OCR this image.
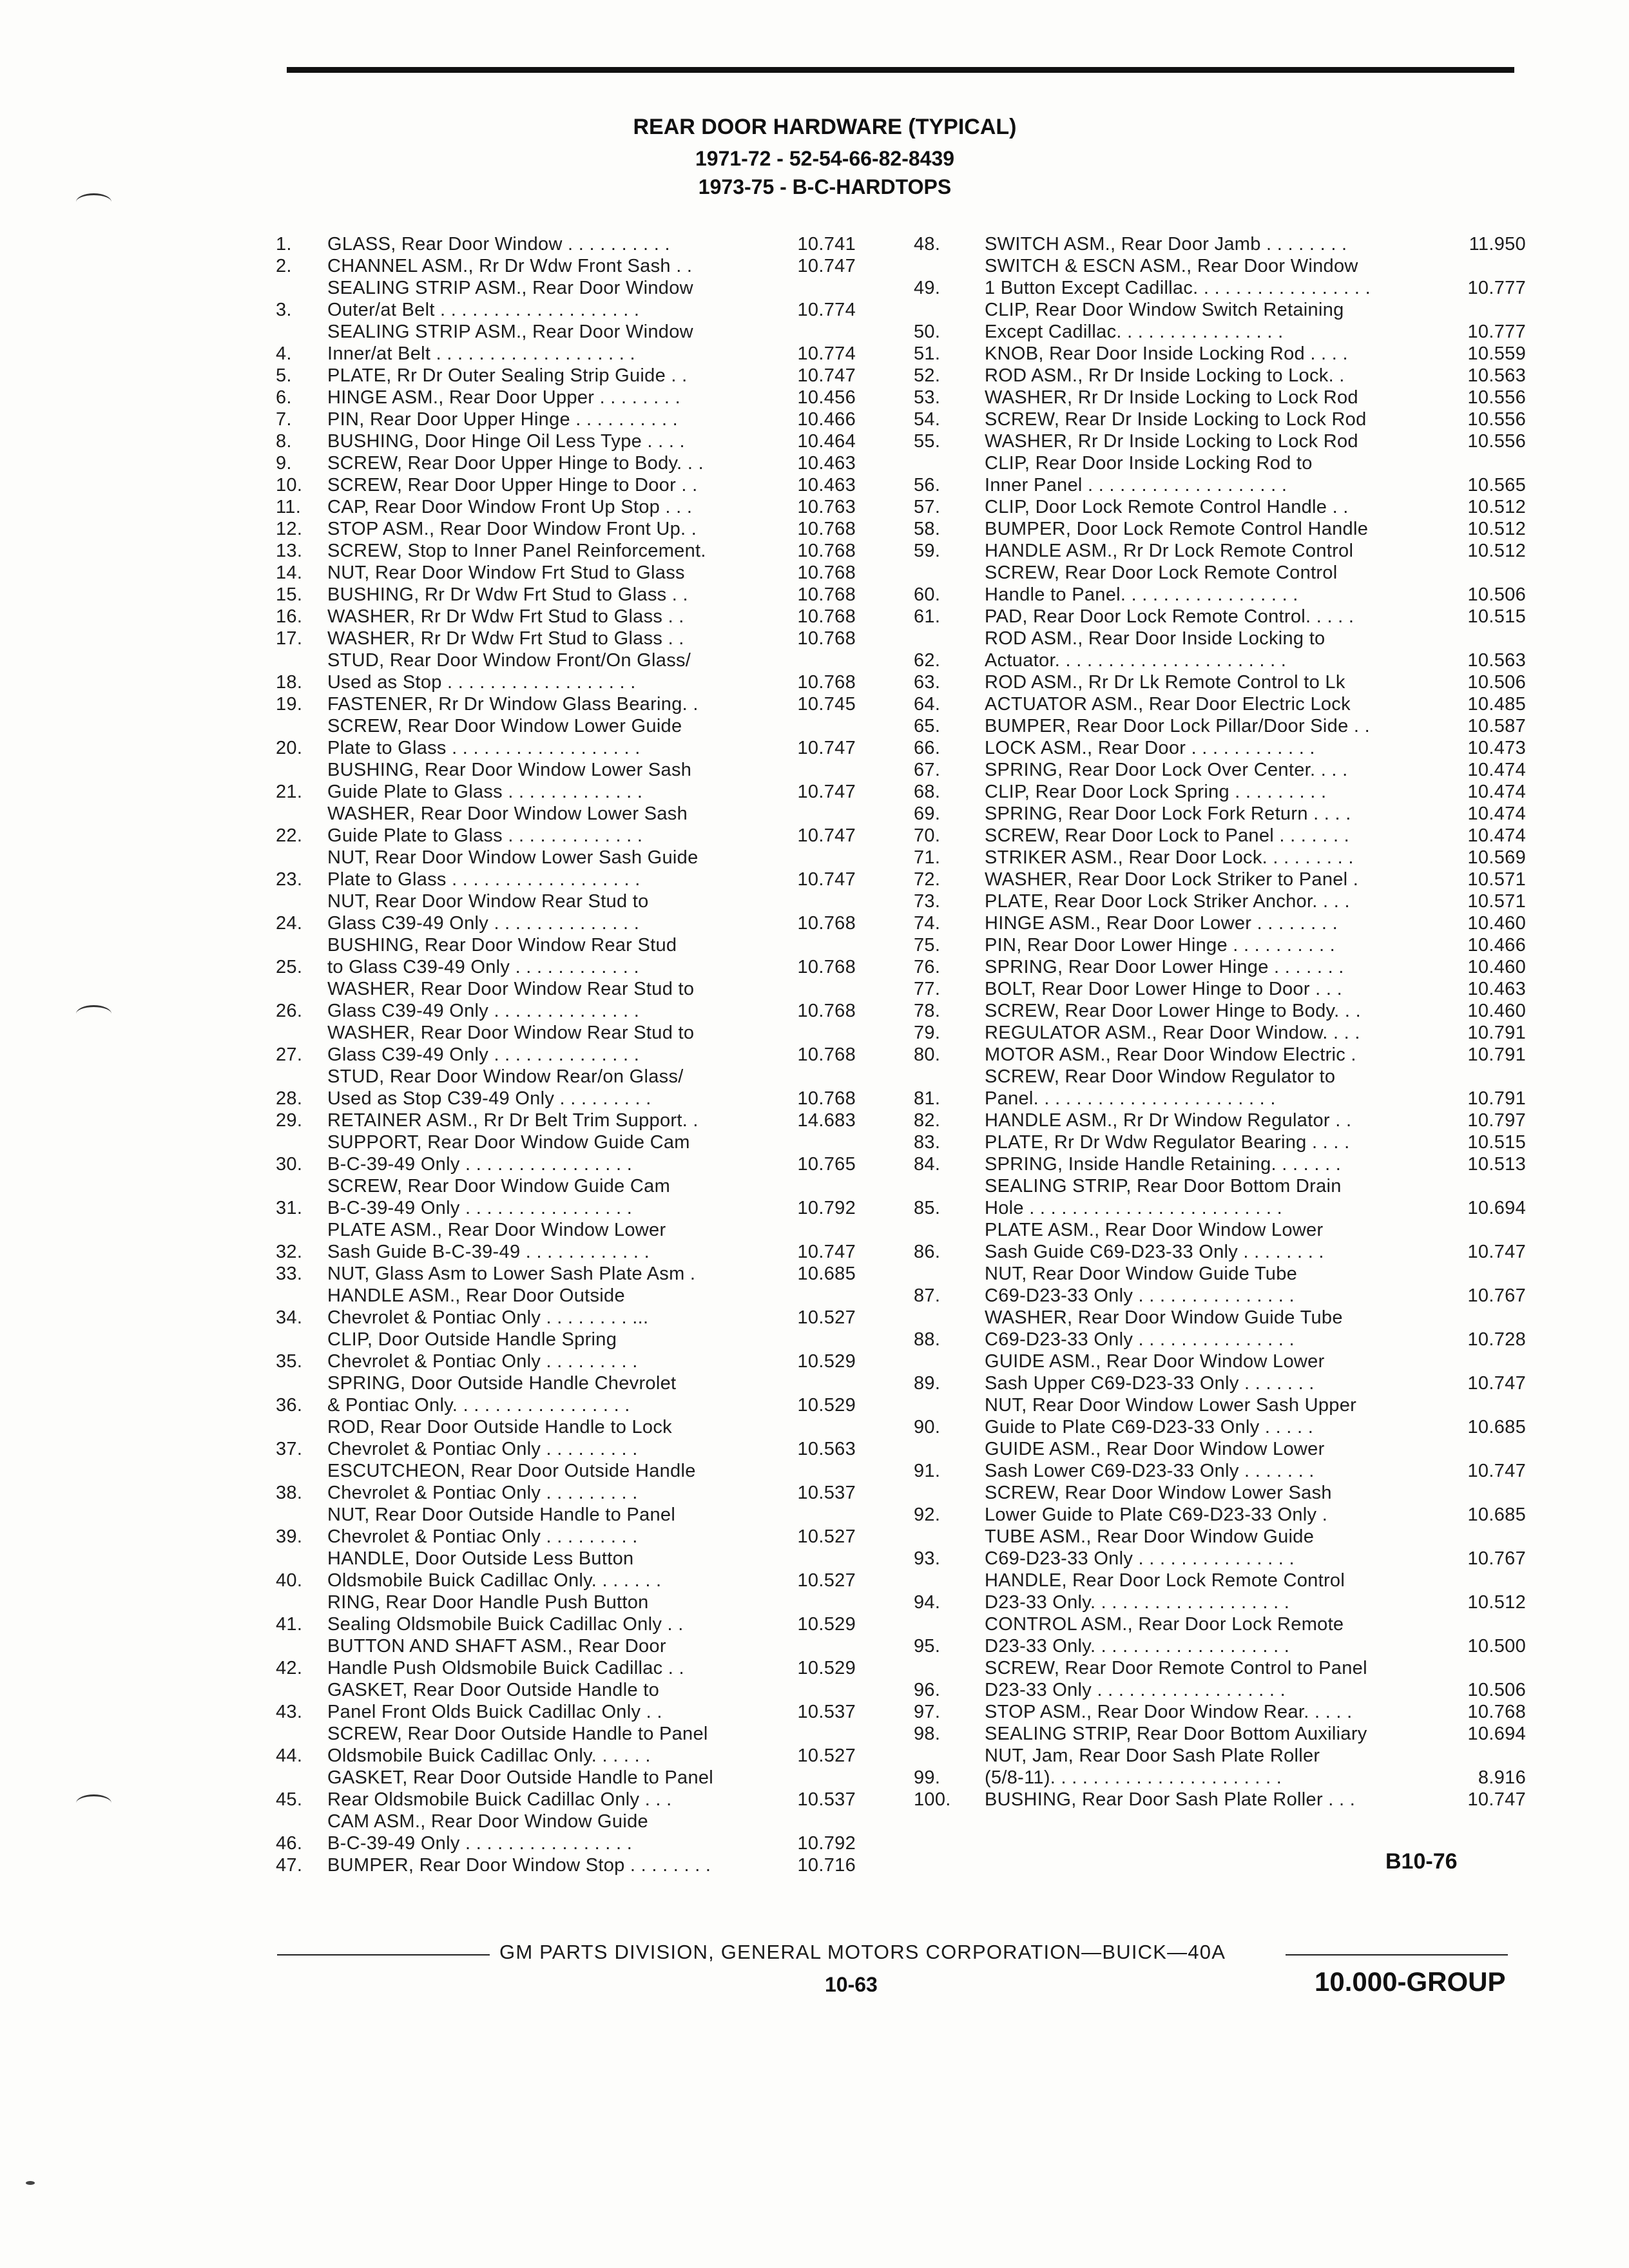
REAR DOOR HARDWARE (TYPICAL)
1971-72 - 52-54-66-82-8439
1973-75 - B-C-HARDTOPS
1.	GLASS, Rear Door Window . . . . . . . . . .	10.741
2.	CHANNEL ASM., Rr Dr Wdw Front Sash . .	10.747
3.
SEALING STRIP ASM., Rear Door Window
Outer/at Belt . . . . . . . . . . . . . . . . . . .	10.774
4.
SEALING STRIP ASM., Rear Door Window
Inner/at Belt . . . . . . . . . . . . . . . . . . .	10.774
5.	PLATE, Rr Dr Outer Sealing Strip Guide . .	10.747
6.	HINGE ASM., Rear Door Upper . . . . . . . .	10.456
7.	PIN, Rear Door Upper Hinge . . . . . . . . . .	10.466
8.	BUSHING, Door Hinge Oil Less Type . . . .	10.464
9.	SCREW, Rear Door Upper Hinge to Body. . .	10.463
10.	SCREW, Rear Door Upper Hinge to Door . .	10.463
11.	CAP, Rear Door Window Front Up Stop . . .	10.763
12.	STOP ASM., Rear Door Window Front Up. .	10.768
13.	SCREW, Stop to Inner Panel Reinforcement.	10.768
14.	NUT, Rear Door Window Frt Stud to Glass	10.768
15.	BUSHING, Rr Dr Wdw Frt Stud to Glass . .	10.768
16.	WASHER, Rr Dr Wdw Frt Stud to Glass . .	10.768
17.	WASHER, Rr Dr Wdw Frt Stud to Glass . .	10.768
18.
STUD, Rear Door Window Front/On Glass/
Used as Stop . . . . . . . . . . . . . . . . . .	10.768
19.	FASTENER, Rr Dr Window Glass Bearing. .	10.745
20.
SCREW, Rear Door Window Lower Guide
Plate to Glass . . . . . . . . . . . . . . . . . .	10.747
21.
BUSHING, Rear Door Window Lower Sash
Guide Plate to Glass . . . . . . . . . . . . .	10.747
22.
WASHER, Rear Door Window Lower Sash
Guide Plate to Glass . . . . . . . . . . . . .	10.747
23.
NUT, Rear Door Window Lower Sash Guide
Plate to Glass . . . . . . . . . . . . . . . . . .	10.747
24.
NUT, Rear Door Window Rear Stud to
Glass C39-49 Only . . . . . . . . . . . . . .	10.768
25.
BUSHING, Rear Door Window Rear Stud
to Glass C39-49 Only . . . . . . . . . . . .	10.768
26.
WASHER, Rear Door Window Rear Stud to
Glass C39-49 Only . . . . . . . . . . . . . .	10.768
27.
WASHER, Rear Door Window Rear Stud to
Glass C39-49 Only . . . . . . . . . . . . . .	10.768
28.
STUD, Rear Door Window Rear/on Glass/
Used as Stop C39-49 Only . . . . . . . . .	10.768
29.	RETAINER ASM., Rr Dr Belt Trim Support. .	14.683
30.
SUPPORT, Rear Door Window Guide Cam
B-C-39-49 Only . . . . . . . . . . . . . . . .	10.765
31.
SCREW, Rear Door Window Guide Cam
B-C-39-49 Only . . . . . . . . . . . . . . . .	10.792
32.
PLATE ASM., Rear Door Window Lower
Sash Guide B-C-39-49 . . . . . . . . . . . .	10.747
33.	NUT, Glass Asm to Lower Sash Plate Asm .	10.685
34.
HANDLE ASM., Rear Door Outside
Chevrolet & Pontiac Only . . . . . . . . ...	10.527
35.
CLIP, Door Outside Handle Spring
Chevrolet & Pontiac Only . . . . . . . . .	10.529
36.
SPRING, Door Outside Handle Chevrolet
& Pontiac Only. . . . . . . . . . . . . . . . .	10.529
37.
ROD, Rear Door Outside Handle to Lock
Chevrolet & Pontiac Only . . . . . . . . .	10.563
38.
ESCUTCHEON, Rear Door Outside Handle
Chevrolet & Pontiac Only . . . . . . . . .	10.537
39.
NUT, Rear Door Outside Handle to Panel
Chevrolet & Pontiac Only . . . . . . . . .	10.527
40.
HANDLE, Door Outside Less Button
Oldsmobile Buick Cadillac Only. . . . . . .	10.527
41.
RING, Rear Door Handle Push Button
Sealing Oldsmobile Buick Cadillac Only . .	10.529
42.
BUTTON AND SHAFT ASM., Rear Door
Handle Push Oldsmobile Buick Cadillac . .	10.529
43.
GASKET, Rear Door Outside Handle to
Panel Front Olds Buick Cadillac Only . .	10.537
44.
SCREW, Rear Door Outside Handle to Panel
Oldsmobile Buick Cadillac Only. . . . . .	10.527
45.
GASKET, Rear Door Outside Handle to Panel
Rear Oldsmobile Buick Cadillac Only . . .	10.537
46.
CAM ASM., Rear Door Window Guide
B-C-39-49 Only . . . . . . . . . . . . . . . .	10.792
47.	BUMPER, Rear Door Window Stop . . . . . . . .	10.716
48.	SWITCH ASM., Rear Door Jamb . . . . . . . .	11.950
49.
SWITCH & ESCN ASM., Rear Door Window
1 Button Except Cadillac. . . . . . . . . . . . . . . . .	10.777
50.
CLIP, Rear Door Window Switch Retaining
Except Cadillac. . . . . . . . . . . . . . . .	10.777
51.	KNOB, Rear Door Inside Locking Rod . . . .	10.559
52.	ROD ASM., Rr Dr Inside Locking to Lock. .	10.563
53.	WASHER, Rr Dr Inside Locking to Lock Rod	10.556
54.	SCREW, Rear Dr Inside Locking to Lock Rod	10.556
55.	WASHER, Rr Dr Inside Locking to Lock Rod	10.556
56.
CLIP, Rear Door Inside Locking Rod to
Inner Panel . . . . . . . . . . . . . . . . . . .	10.565
57.	CLIP, Door Lock Remote Control Handle . .	10.512
58.	BUMPER, Door Lock Remote Control Handle	10.512
59.	HANDLE ASM., Rr Dr Lock Remote Control	10.512
60.
SCREW, Rear Door Lock Remote Control
Handle to Panel. . . . . . . . . . . . . . . . .	10.506
61.	PAD, Rear Door Lock Remote Control. . . . .	10.515
62.
ROD ASM., Rear Door Inside Locking to
Actuator. . . . . . . . . . . . . . . . . . . . . .	10.563
63.	ROD ASM., Rr Dr Lk Remote Control to Lk	10.506
64.	ACTUATOR ASM., Rear Door Electric Lock	10.485
65.	BUMPER, Rear Door Lock Pillar/Door Side . .	10.587
66.	LOCK ASM., Rear Door . . . . . . . . . . . .	10.473
67.	SPRING, Rear Door Lock Over Center. . . .	10.474
68.	CLIP, Rear Door Lock Spring . . . . . . . . .	10.474
69.	SPRING, Rear Door Lock Fork Return . . . .	10.474
70.	SCREW, Rear Door Lock to Panel . . . . . . .	10.474
71.	STRIKER ASM., Rear Door Lock. . . . . . . . .	10.569
72.	WASHER, Rear Door Lock Striker to Panel .	10.571
73.	PLATE, Rear Door Lock Striker Anchor. . . .	10.571
74.	HINGE ASM., Rear Door Lower . . . . . . . .	10.460
75.	PIN, Rear Door Lower Hinge . . . . . . . . . .	10.466
76.	SPRING, Rear Door Lower Hinge . . . . . . .	10.460
77.	BOLT, Rear Door Lower Hinge to Door . . .	10.463
78.	SCREW, Rear Door Lower Hinge to Body. . .	10.460
79.	REGULATOR ASM., Rear Door Window. . . .	10.791
80.	MOTOR ASM., Rear Door Window Electric .	10.791
81.
SCREW, Rear Door Window Regulator to
Panel. . . . . . . . . . . . . . . . . . . . . . .	10.791
82.	HANDLE ASM., Rr Dr Window Regulator . .	10.797
83.	PLATE, Rr Dr Wdw Regulator Bearing . . . .	10.515
84.	SPRING, Inside Handle Retaining. . . . . . .	10.513
85.
SEALING STRIP, Rear Door Bottom Drain
Hole . . . . . . . . . . . . . . . . . . . . . . . .	10.694
86.
PLATE ASM., Rear Door Window Lower
Sash Guide C69-D23-33 Only . . . . . . . .	10.747
87.
NUT, Rear Door Window Guide Tube
C69-D23-33 Only . . . . . . . . . . . . . . .	10.767
88.
WASHER, Rear Door Window Guide Tube
C69-D23-33 Only . . . . . . . . . . . . . . .	10.728
89.
GUIDE ASM., Rear Door Window Lower
Sash Upper C69-D23-33 Only . . . . . . .	10.747
90.
NUT, Rear Door Window Lower Sash Upper
Guide to Plate C69-D23-33 Only . . . . .	10.685
91.
GUIDE ASM., Rear Door Window Lower
Sash Lower C69-D23-33 Only . . . . . . .	10.747
92.
SCREW, Rear Door Window Lower Sash
Lower Guide to Plate C69-D23-33 Only .	10.685
93.
TUBE ASM., Rear Door Window Guide
C69-D23-33 Only . . . . . . . . . . . . . . .	10.767
94.
HANDLE, Rear Door Lock Remote Control
D23-33 Only. . . . . . . . . . . . . . . . . . .	10.512
95.
CONTROL ASM., Rear Door Lock Remote
D23-33 Only. . . . . . . . . . . . . . . . . . .	10.500
96.
SCREW, Rear Door Remote Control to Panel
D23-33 Only . . . . . . . . . . . . . . . . . .	10.506
97.	STOP ASM., Rear Door Window Rear. . . . .	10.768
98.	SEALING STRIP, Rear Door Bottom Auxiliary	10.694
99.
NUT, Jam, Rear Door Sash Plate Roller
(5/8-11). . . . . . . . . . . . . . . . . . . . . .	8.916
100.	BUSHING, Rear Door Sash Plate Roller . . .	10.747
B10-76
GM PARTS DIVISION, GENERAL MOTORS CORPORATION—BUICK—40A
10-63	10.000-GROUP
